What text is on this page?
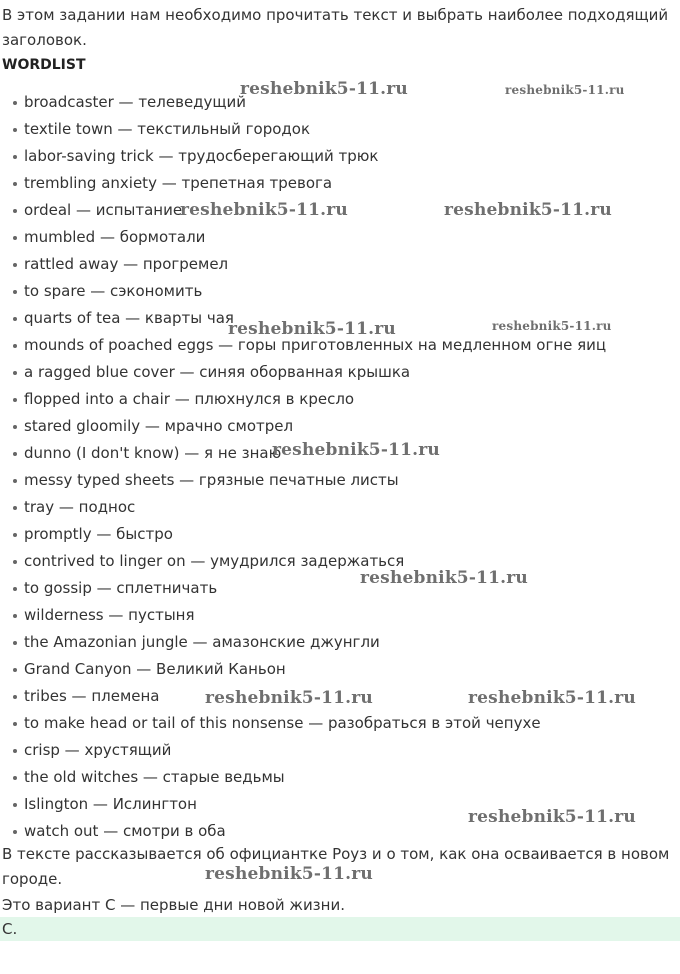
В этом задании нам необходимо прочитать текст и выбрать наиболее подходящий заголовок.
WORDLIST
broadcaster — телеведущий
textile town — текстильный городок
labor-saving trick — трудосберегающий трюк
trembling anxiety — трепетная тревога
ordeal — испытание
mumbled — бормотали
rattled away — прогремел
to spare — сэкономить
quarts of tea — кварты чая
mounds of poached eggs — горы приготовленных на медленном огне яиц
a ragged blue cover — синяя оборванная крышка
flopped into a chair — плюхнулся в кресло
stared gloomily — мрачно смотрел
dunno (I don't know) — я не знаю
messy typed sheets — грязные печатные листы
tray — поднос
promptly — быстро
contrived to linger on — умудрился задержаться
to gossip — сплетничать
wilderness — пустыня
the Amazonian jungle — амазонские джунгли
Grand Canyon — Великий Каньон
tribes — племена
to make head or tail of this nonsense — разобраться в этой чепухе
crisp — хрустящий
the old witches — старые ведьмы
Islington — Ислингтон
watch out — смотри в оба
В тексте рассказывается об официантке Роуз и о том, как она осваивается в новом городе.
Это вариант C — первые дни новой жизни.
C.
reshebnik5-11.ru	reshebnik5-11.ru
reshebnik5-11.ru	reshebnik5-11.ru
reshebnik5-11.ru	reshebnik5-11.ru
reshebnik5-11.ru
reshebnik5-11.ru
reshebnik5-11.ru	reshebnik5-11.ru
reshebnik5-11.ru
reshebnik5-11.ru
